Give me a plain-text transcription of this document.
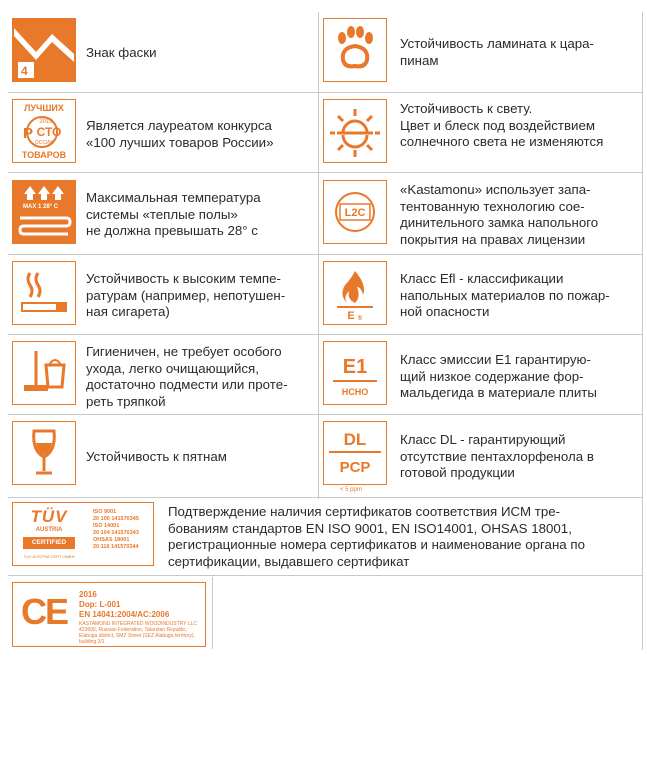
4
Знак фаски
Устойчивость ламината к цара-
пинам
ЛУЧШИХ
2019
Р СТО
ОССИИ
ТОВАРОВ
Является лауреатом конкурса
«100 лучших товаров России»
Устойчивость к свету.
Цвет и блеск под воздействием
солнечного света не изменяются
MAX 1 28° C
Максимальная температура
системы «теплые полы»
не должна превышать 28° с
L2C
«Kastamonu» использует запа-
тентованную технологию сое-
динительного замка напольного
покрытия на правах лицензии
Устойчивость к высоким темпе-
ратурам (например, непотушен-
ная сигарета)	E fl
Класс Efl - классификации
напольных материалов по пожар-
ной опасности
Гигиеничен, не требует особого
ухода, легко очищающийся,
достаточно подмести или протe-
реть тряпкой
E1
HCHO
Класс эмиссии E1 гарантирую-
щий низкое содержание фор-
мальдегида в материале плиты
Устойчивость к пятнам
DL
PCP
< 5 ppm
Класс DL - гарантирующий
отсутствие пентахлорфенола в
готовой продукции
TÜV
AUSTRIA
CERTIFIED
TUV AUSTRIA CERT GMBH
ISO 9001
20 100 141570345
ISO 14001
20 104 141570343
OHSAS 18001
20 116 141570344
Подтверждение наличия сертификатов соответствия ИСМ тре-
бованиям стандартов EN ISO 9001, EN ISO14001, OHSAS 18001,
регистрационные номера сертификатов и наименование органа по
сертификации, выдавшего сертификат
CE 2016
Dop: L-001
EN 14041:2004/AC:2006
KASTAMONU INTEGRATED WOODINDUSTRY LLC
423600, Russian Federation, Tatarstan Republic,
Elabuga district, SMZ Street (SEZ Alabuga territory),
building 3/1
